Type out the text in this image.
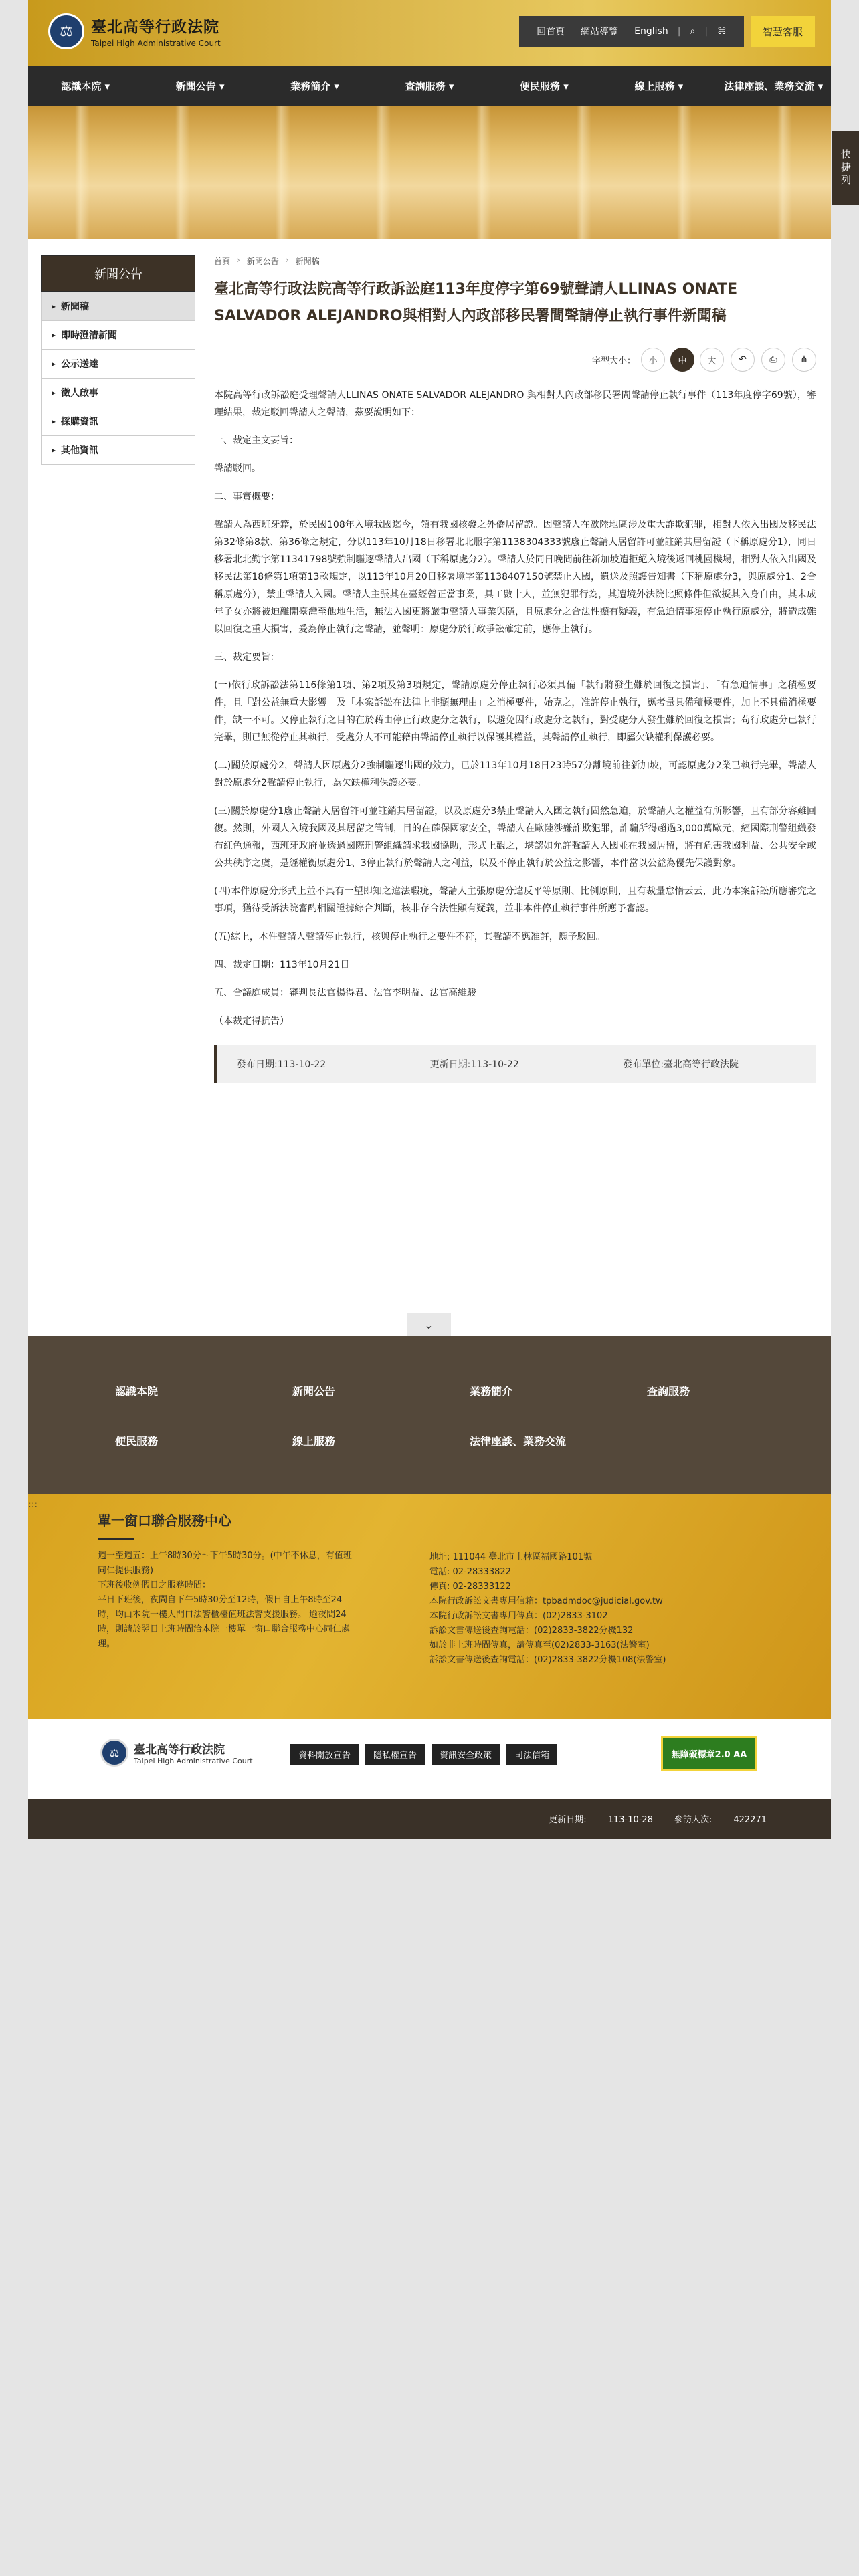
⚖	臺北高等行政法院
Taipei High Administrative Court
回首頁	網站導覽	English	|	⌕	|	⌘	智慧客服
認識本院 ▾	新聞公告 ▾	業務簡介 ▾	查詢服務 ▾	便民服務 ▾	線上服務 ▾	法律座談、業務交流 ▾
新聞公告
▸ 新聞稿
▸ 即時澄清新聞
▸ 公示送達
▸ 徵人啟事
▸ 採購資訊
▸ 其他資訊
首頁 › 新聞公告 › 新聞稿
臺北高等行政法院高等行政訴訟庭113年度停字第69號聲請人LLINAS ONATE SALVADOR ALEJANDRO與相對人內政部移民署間聲請停止執行事件新聞稿
字型大小：	小	中	大	↶	⎙	⋔

本院高等行政訴訟庭受理聲請人LLINAS ONATE SALVADOR ALEJANDRO 與相對人內政部移民署間聲請停止執行事件（113年度停字69號），審理結果，裁定駁回聲請人之聲請，茲要說明如下：

一、裁定主文要旨：

聲請駁回。

二、事實概要：

聲請人為西班牙籍，於民國108年入境我國迄今，領有我國核發之外僑居留證。因聲請人在歐陸地區涉及重大詐欺犯罪，相對人依入出國及移民法第32條第8款、第36條之規定，分以113年10月18日移署北北服字第1138304333號廢止聲請人居留許可並註銷其居留證（下稱原處分1），同日移署北北勤字第11341798號強制驅逐聲請人出國（下稱原處分2）。聲請人於同日晚間前往新加坡遭拒絕入境後返回桃園機場，相對人依入出國及移民法第18條第1項第13款規定，以113年10月20日移署境字第1138407150號禁止入國，遺送及照護告知書（下稱原處分3，與原處分1、2合稱原處分），禁止聲請人入國。聲請人主張其在臺經營正當事業，具工數十人，並無犯罪行為，其遭境外法院比照條件但欲擬其入身自由，其未成年子女亦將被迫離開臺灣至他地生活，無法入國更將嚴重聲請人事業與隱，且原處分之合法性顯有疑義，有急迫情事須停止執行原處分，將造成難以回復之重大損害，爰為停止執行之聲請，並聲明：原處分於行政爭訟確定前，應停止執行。

三、裁定要旨：

(一)依行政訴訟法第116條第1項、第2項及第3項規定，聲請原處分停止執行必須具備「執行將發生難於回復之損害」、「有急迫情事」之積極要件，且「對公益無重大影響」及「本案訴訟在法律上非顯無理由」之消極要件，始克之，准許停止執行，應考量具備積極要件，加上不具備消極要件，缺一不可。又停止執行之目的在於藉由停止行政處分之執行，以避免因行政處分之執行，對受處分人發生難於回復之損害；苟行政處分已執行完畢，則已無從停止其執行，受處分人不可能藉由聲請停止執行以保護其權益，其聲請停止執行，即屬欠缺權利保護必要。

(二)關於原處分2，聲請人因原處分2強制驅逐出國的效力，已於113年10月18日23時57分離境前往新加坡，可認原處分2業已執行完畢，聲請人對於原處分2聲請停止執行，為欠缺權利保護必要。

(三)關於原處分1廢止聲請人居留許可並註銷其居留證，以及原處分3禁止聲請人入國之執行固然急迫，於聲請人之權益有所影響，且有部分容難回復。然則，外國人入境我國及其居留之管制，目的在確保國家安全，聲請人在歐陸涉嫌詐欺犯罪，詐騙所得超過3,000萬歐元，經國際刑警組織發布紅色通報，西班牙政府並透過國際刑警組織請求我國協助，形式上觀之，堪認如允許聲請人入國並在我國居留，將有危害我國利益、公共安全或公共秩序之虞，是經權衡原處分1、3停止執行於聲請人之利益，以及不停止執行於公益之影響，本件當以公益為優先保護對象。

(四)本件原處分形式上並不具有一望即知之違法瑕疵，聲請人主張原處分違反平等原則、比例原則，且有裁量怠惰云云，此乃本案訴訟所應審究之事項，猶待受訴法院審酌相關證據綜合判斷，核非存合法性顯有疑義，並非本件停止執行事件所應予審認。

(五)綜上，本件聲請人聲請停止執行，核與停止執行之要件不符，其聲請不應准許，應予駁回。

四、裁定日期：113年10月21日

五、合議庭成員：審判長法官楊得君、法官李明益、法官高維駿

（本裁定得抗告）

發布日期:113-10-22	更新日期:113-10-22	發布單位:臺北高等行政法院
⌄
認識本院	新聞公告	業務簡介	查詢服務
便民服務	線上服務	法律座談、業務交流
:::
單一窗口聯合服務中心
週一至週五：上午8時30分～下午5時30分。(中午不休息，有值班同仁提供服務)
下班後收例假日之服務時間：
平日下班後，夜間自下午5時30分至12時，假日自上午8時至24時，均由本院一樓大門口法警櫃檯值班法警支援服務。 逾夜間24時，則請於翌日上班時間洽本院一樓單一窗口聯合服務中心同仁處理。
地址: 111044 臺北市士林區福國路101號
電話: 02-28333822
傳真: 02-28333122
本院行政訴訟文書專用信箱：tpbadmdoc@judicial.gov.tw
本院行政訴訟文書專用傳真：(02)2833-3102
訴訟文書傳送後查詢電話：(02)2833-3822分機132
如於非上班時間傳真，請傳真至(02)2833-3163(法警室)
訴訟文書傳送後查詢電話：(02)2833-3822分機108(法警室)
⚖	臺北高等行政法院
Taipei High Administrative Court
資料開放宣告	隱私權宣告	資訊安全政策	司法信箱	無障礙標章2.0 AA
更新日期: 113-10-28 參訪人次: 422271
快捷列
